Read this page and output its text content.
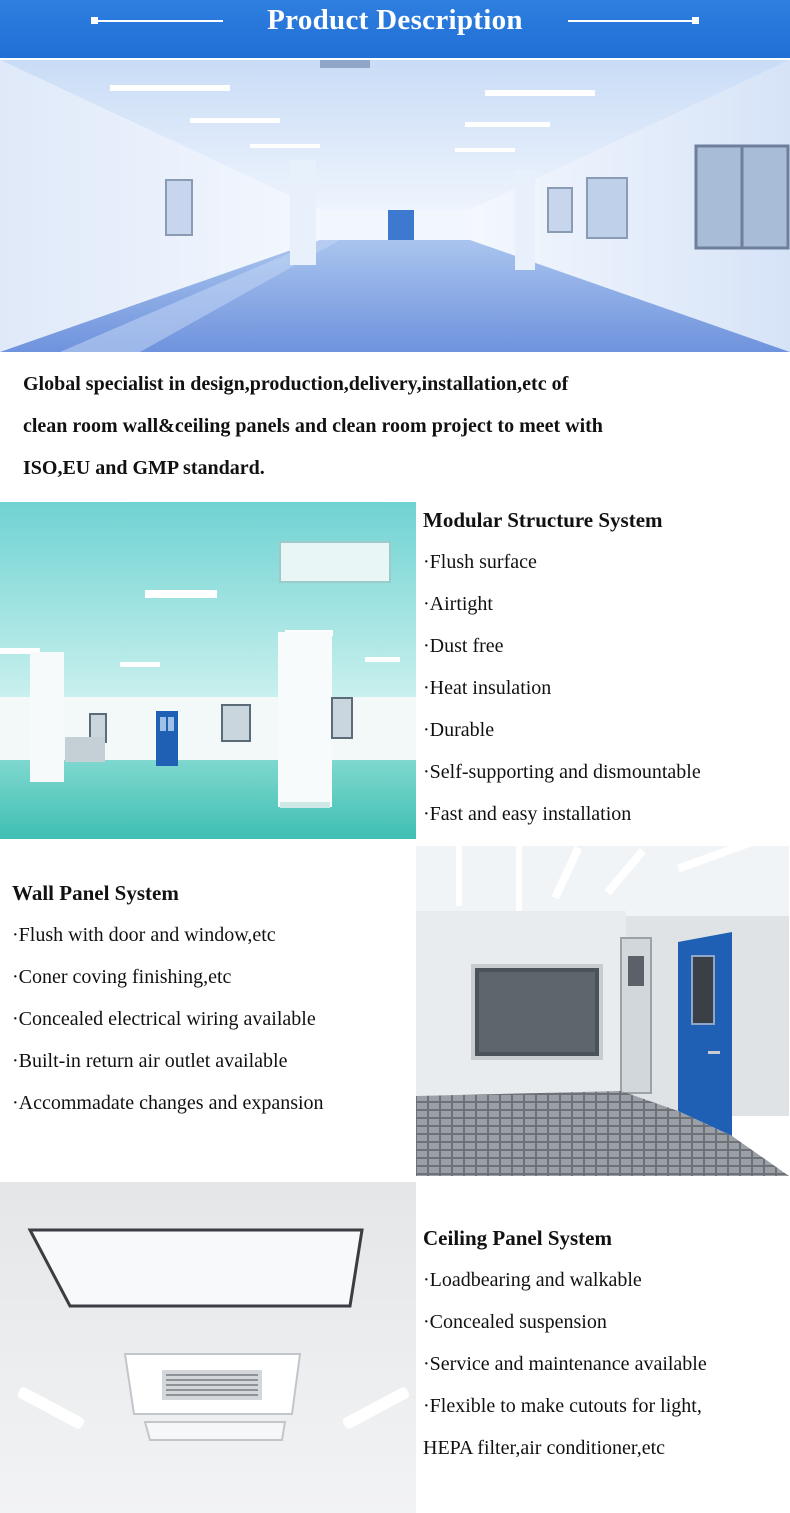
Product Description
Global specialist in design,production,delivery,installation,etc of
clean room wall&ceiling panels and clean room project to meet with
ISO,EU and GMP standard.
Modular Structure System
·Flush surface
·Airtight
·Dust free
·Heat insulation
·Durable
·Self-supporting and dismountable
·Fast and easy installation
Wall Panel System
·Flush with door and window,etc
·Coner coving finishing,etc
·Concealed electrical wiring available
·Built-in return air outlet available
·Accommadate changes and expansion
Ceiling Panel System
·Loadbearing and walkable
·Concealed suspension
·Service and maintenance available
·Flexible to make cutouts for light,
HEPA filter,air conditioner,etc
